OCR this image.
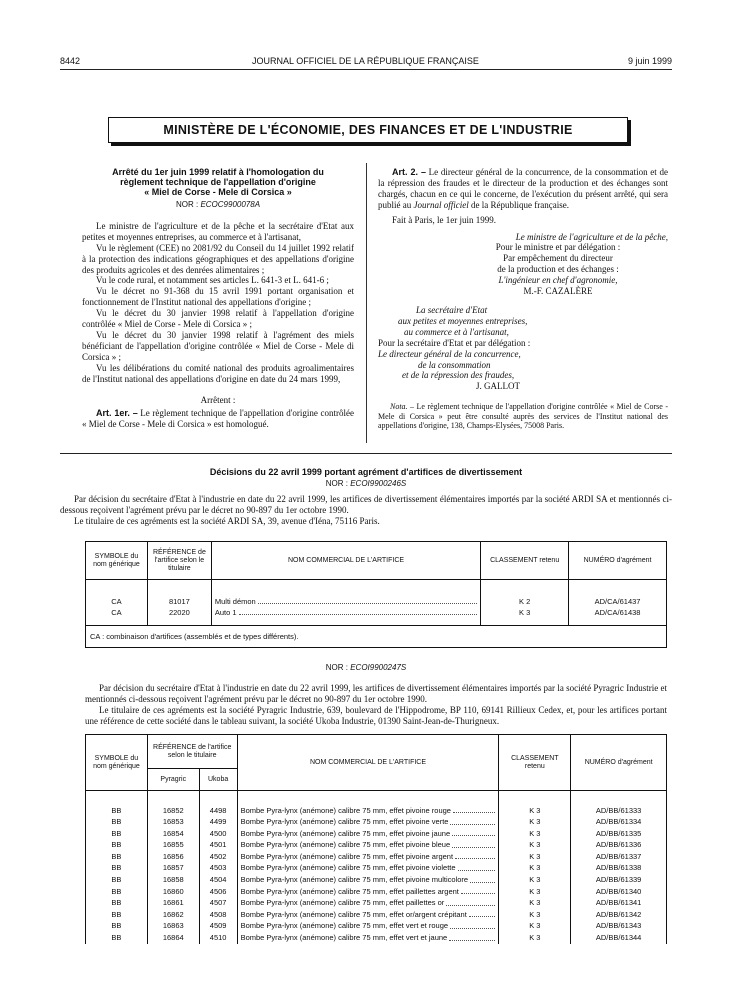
8442	JOURNAL OFFICIEL DE LA RÉPUBLIQUE FRANÇAISE	9 juin 1999
MINISTÈRE DE L'ÉCONOMIE, DES FINANCES ET DE L'INDUSTRIE
Arrêté du 1er juin 1999 relatif à l'homologation du
règlement technique de l'appellation d'origine
« Miel de Corse - Mele di Corsica »
NOR : ECOC9900078A

Le ministre de l'agriculture et de la pêche et la secrétaire d'Etat aux petites et moyennes entreprises, au commerce et à l'artisanat,

Vu le règlement (CEE) no 2081/92 du Conseil du 14 juillet 1992 relatif à la protection des indications géographiques et des appellations d'origine des produits agricoles et des denrées alimentaires ;

Vu le code rural, et notamment ses articles L. 641-3 et L. 641-6 ;

Vu le décret no 91-368 du 15 avril 1991 portant organisation et fonctionnement de l'Institut national des appellations d'origine ;

Vu le décret du 30 janvier 1998 relatif à l'appellation d'origine contrôlée « Miel de Corse - Mele di Corsica » ;

Vu le décret du 30 janvier 1998 relatif à l'agrément des miels bénéficiant de l'appellation d'origine contrôlée « Miel de Corse - Mele di Corsica » ;

Vu les délibérations du comité national des produits agroalimentaires de l'Institut national des appellations d'origine en date du 24 mars 1999,

Arrêtent :

Art. 1er. – Le règlement technique de l'appellation d'origine contrôlée « Miel de Corse - Mele di Corsica » est homologué.

Art. 2. – Le directeur général de la concurrence, de la consommation et de la répression des fraudes et le directeur de la production et des échanges sont chargés, chacun en ce qui le concerne, de l'exécution du présent arrêté, qui sera publié au Journal officiel de la République française.

Fait à Paris, le 1er juin 1999.

Le ministre de l'agriculture et de la pêche,
Pour le ministre et par délégation :
Par empêchement du directeur
de la production et des échanges :
L'ingénieur en chef d'agronomie,
M.-F. CAZALÈRE
La secrétaire d'Etat
aux petites et moyennes entreprises,
au commerce et à l'artisanat,
Pour la secrétaire d'Etat et par délégation :
Le directeur général de la concurrence,
de la consommation
et de la répression des fraudes,
J. GALLOT
Nota. – Le règlement technique de l'appellation d'origine contrôlée « Miel de Corse - Mele di Corsica » peut être consulté auprès des services de l'Institut national des appellations d'origine, 138, Champs-Elysées, 75008 Paris.
Décisions du 22 avril 1999 portant agrément d'artifices de divertissement
NOR : ECOI9900246S

Par décision du secrétaire d'Etat à l'industrie en date du 22 avril 1999, les artifices de divertissement élémentaires importés par la société ARDI SA et mentionnés ci-dessous reçoivent l'agrément prévu par le décret no 90-897 du 1er octobre 1990.

Le titulaire de ces agréments est la société ARDI SA, 39, avenue d'Iéna, 75116 Paris.

SYMBOLE du nom générique	RÉFÉRENCE de l'artifice selon le titulaire	NOM COMMERCIAL DE L'ARTIFICE	CLASSEMENT retenu	NUMÉRO d'agrément

CA	81017	Multi démon	K 2	AD/CA/61437
CA	22020	Auto 1	K 3	AD/CA/61438

CA : combinaison d'artifices (assemblés et de types différents).				
NOR : ECOI9900247S

Par décision du secrétaire d'Etat à l'industrie en date du 22 avril 1999, les artifices de divertissement élémentaires importés par la société Pyragric Industrie et mentionnés ci-dessous reçoivent l'agrément prévu par le décret no 90-897 du 1er octobre 1990.

Le titulaire de ces agréments est la société Pyragric Industrie, 639, boulevard de l'Hippodrome, BP 110, 69141 Rillieux Cedex, et, pour les artifices portant une référence de cette société dans le tableau suivant, la société Ukoba Industrie, 01390 Saint-Jean-de-Thurigneux.

SYMBOLE du nom générique	RÉFÉRENCE de l'artifice selon le titulaire		NOM COMMERCIAL DE L'ARTIFICE	CLASSEMENT retenu	NUMÉRO d'agrément
	Pyragric	Ukoba			

BB	16852	4498	Bombe Pyra-lynx (anémone) calibre 75 mm, effet pivoine rouge	K 3	AD/BB/61333
BB	16853	4499	Bombe Pyra-lynx (anémone) calibre 75 mm, effet pivoine verte	K 3	AD/BB/61334
BB	16854	4500	Bombe Pyra-lynx (anémone) calibre 75 mm, effet pivoine jaune	K 3	AD/BB/61335
BB	16855	4501	Bombe Pyra-lynx (anémone) calibre 75 mm, effet pivoine bleue	K 3	AD/BB/61336
BB	16856	4502	Bombe Pyra-lynx (anémone) calibre 75 mm, effet pivoine argent	K 3	AD/BB/61337
BB	16857	4503	Bombe Pyra-lynx (anémone) calibre 75 mm, effet pivoine violette	K 3	AD/BB/61338
BB	16858	4504	Bombe Pyra-lynx (anémone) calibre 75 mm, effet pivoine multicolore	K 3	AD/BB/61339
BB	16860	4506	Bombe Pyra-lynx (anémone) calibre 75 mm, effet paillettes argent	K 3	AD/BB/61340
BB	16861	4507	Bombe Pyra-lynx (anémone) calibre 75 mm, effet paillettes or	K 3	AD/BB/61341
BB	16862	4508	Bombe Pyra-lynx (anémone) calibre 75 mm, effet or/argent crépitant	K 3	AD/BB/61342
BB	16863	4509	Bombe Pyra-lynx (anémone) calibre 75 mm, effet vert et rouge	K 3	AD/BB/61343
BB	16864	4510	Bombe Pyra-lynx (anémone) calibre 75 mm, effet vert et jaune	K 3	AD/BB/61344
